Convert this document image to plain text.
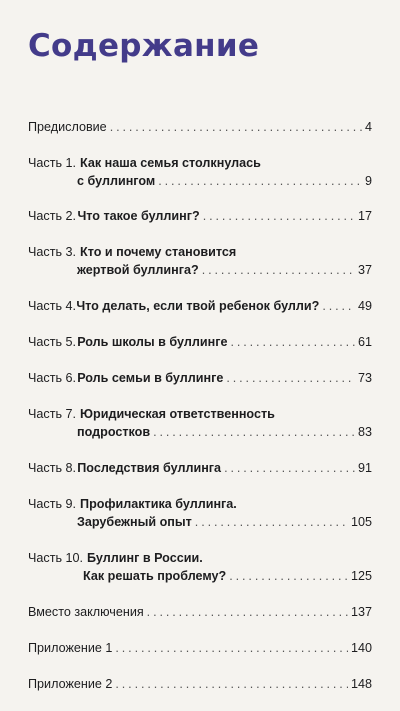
Содержание
Предисловие . . .	4
Часть 1. Как наша семья столкнулась
с буллингом . . .	9
Часть 2. Что такое буллинг? . . .	17
Часть 3. Кто и почему становится
жертвой буллинга? . . .	37
Часть 4. Что делать, если твой ребенок булли? . . .	49
Часть 5. Роль школы в буллинге . . .	61
Часть 6. Роль семьи в буллинге . . .	73
Часть 7. Юридическая ответственность
подростков . . .	83
Часть 8. Последствия буллинга . . .	91
Часть 9. Профилактика буллинга.
Зарубежный опыт . . .	105
Часть 10. Буллинг в России.
Как решать проблему? . . .	125
Вместо заключения . . .	137
Приложение 1 . . .	140
Приложение 2 . . .	148
